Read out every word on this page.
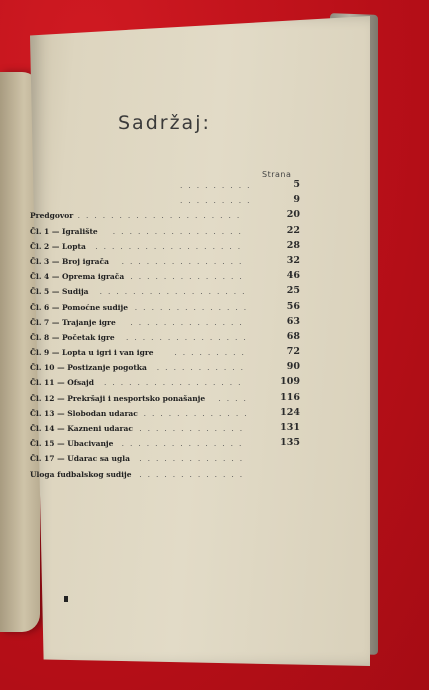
Sadržaj:
Strana
.........	5
.........	9
Predgovor ....................	20
Čl. 1 — Igralište ................	22
Čl. 2 — Lopta ..................	28
Čl. 3 — Broj igrača ...............	32
Čl. 4 — Oprema igrača ..............	46
Čl. 5 — Sudija ..................	25
Čl. 6 — Pomoćne sudije ..............	56
Čl. 7 — Trajanje igre ..............	63
Čl. 8 — Početak igre ...............	68
Čl. 9 — Lopta u igri i van igre	.........	72
Čl. 10 — Postizanje pogotka ...........	90
Čl. 11 — Ofsajd .................	109
Čl. 12 — Prekršaji i nesportsko ponašanje ....	116
Čl. 13 — Slobodan udarac .............	124
Čl. 14 — Kazneni udarac .............	131
Čl. 15 — Ubacivanje ...............	135
Čl. 17 — Udarac sa ugla .............
Uloga fudbalskog sudije .............
